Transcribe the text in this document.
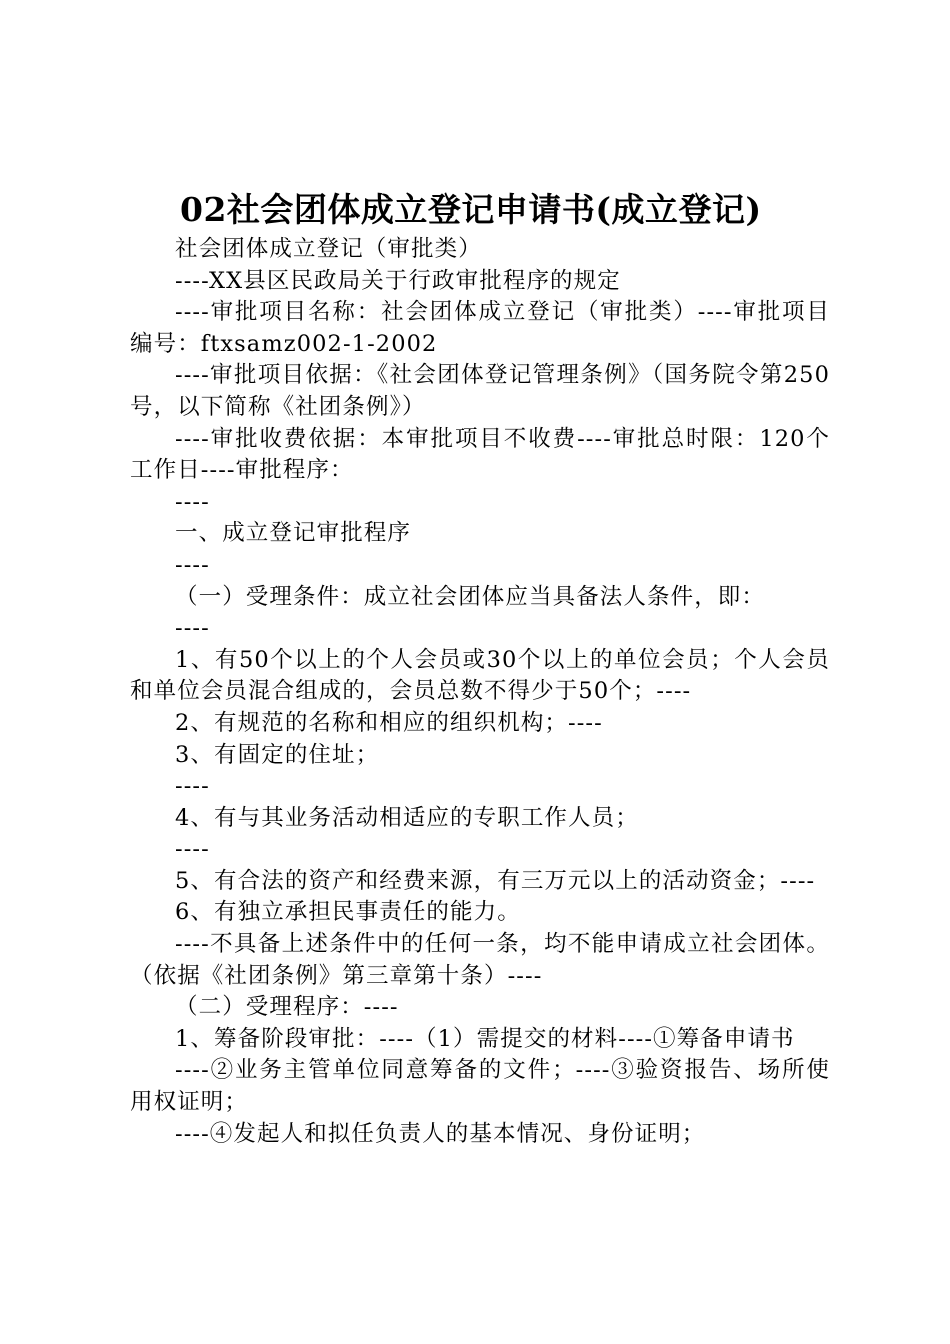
02社会团体成立登记申请书(成立登记)

社会团体成立登记（审批类）

----XX县区民政局关于行政审批程序的规定

----审批项目名称：社会团体成立登记（审批类）----审批项目编号：ftxsamz002-1-2002

----审批项目依据：《社会团体登记管理条例》（国务院令第250号，以下简称《社团条例》）

----审批收费依据：本审批项目不收费----审批总时限：120个工作日----审批程序：

----

一、成立登记审批程序

----

（一）受理条件：成立社会团体应当具备法人条件，即：

----

1、有50个以上的个人会员或30个以上的单位会员；个人会员和单位会员混合组成的，会员总数不得少于50个；----

2、有规范的名称和相应的组织机构；----

3、有固定的住址；

----

4、有与其业务活动相适应的专职工作人员；

----

5、有合法的资产和经费来源，有三万元以上的活动资金；----

6、有独立承担民事责任的能力。

----不具备上述条件中的任何一条，均不能申请成立社会团体。（依据《社团条例》第三章第十条）----

（二）受理程序：----

1、筹备阶段审批：----（1）需提交的材料----①筹备申请书

----②业务主管单位同意筹备的文件；----③验资报告、场所使用权证明；

----④发起人和拟任负责人的基本情况、身份证明；
